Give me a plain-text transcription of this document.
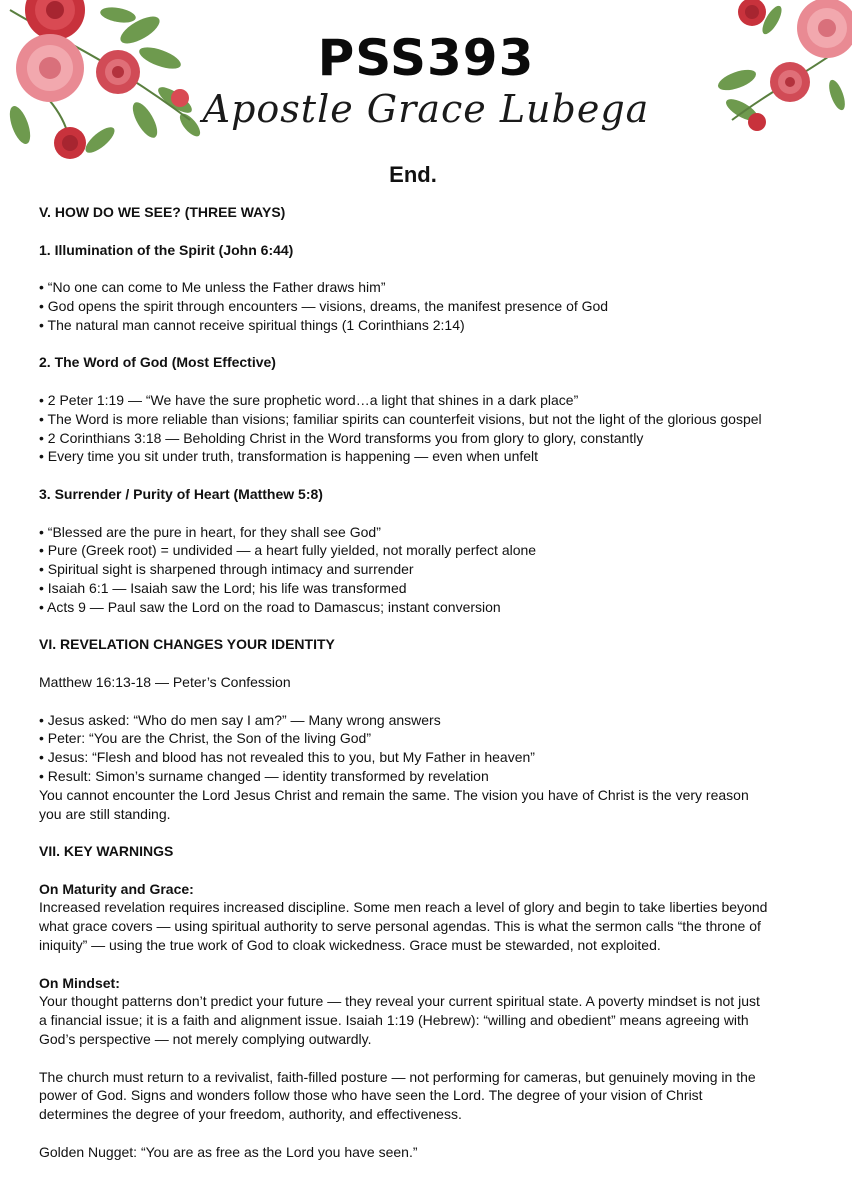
PSS393
Apostle Grace Lubega
End.

V. HOW DO WE SEE? (THREE WAYS)

1. Illumination of the Spirit (John 6:44)

• “No one can come to Me unless the Father draws him”
• God opens the spirit through encounters — visions, dreams, the manifest presence of God
• The natural man cannot receive spiritual things (1 Corinthians 2:14)

2. The Word of God (Most Effective)

• 2 Peter 1:19 — “We have the sure prophetic word…a light that shines in a dark place”
• The Word is more reliable than visions; familiar spirits can counterfeit visions, but not the light of the glorious gospel
• 2 Corinthians 3:18 — Beholding Christ in the Word transforms you from glory to glory, constantly
• Every time you sit under truth, transformation is happening — even when unfelt

3. Surrender / Purity of Heart (Matthew 5:8)

• “Blessed are the pure in heart, for they shall see God”
• Pure (Greek root) = undivided — a heart fully yielded, not morally perfect alone
• Spiritual sight is sharpened through intimacy and surrender
• Isaiah 6:1 — Isaiah saw the Lord; his life was transformed
• Acts 9 — Paul saw the Lord on the road to Damascus; instant conversion

VI. REVELATION CHANGES YOUR IDENTITY

Matthew 16:13-18 — Peter’s Confession

• Jesus asked: “Who do men say I am?” — Many wrong answers
• Peter: “You are the Christ, the Son of the living God”
• Jesus: “Flesh and blood has not revealed this to you, but My Father in heaven”
• Result: Simon’s surname changed — identity transformed by revelation

You cannot encounter the Lord Jesus Christ and remain the same. The vision you have of Christ is the very reason you are still standing.

VII. KEY WARNINGS

On Maturity and Grace:

Increased revelation requires increased discipline. Some men reach a level of glory and begin to take liberties beyond what grace covers — using spiritual authority to serve personal agendas. This is what the sermon calls “the throne of iniquity” — using the true work of God to cloak wickedness. Grace must be stewarded, not exploited.

On Mindset:

Your thought patterns don’t predict your future — they reveal your current spiritual state. A poverty mindset is not just a financial issue; it is a faith and alignment issue. Isaiah 1:19 (Hebrew): “willing and obedient” means agreeing with God’s perspective — not merely complying outwardly.

The church must return to a revivalist, faith-filled posture — not performing for cameras, but genuinely moving in the power of God. Signs and wonders follow those who have seen the Lord. The degree of your vision of Christ determines the degree of your freedom, authority, and effectiveness.

Golden Nugget: “You are as free as the Lord you have seen.”
